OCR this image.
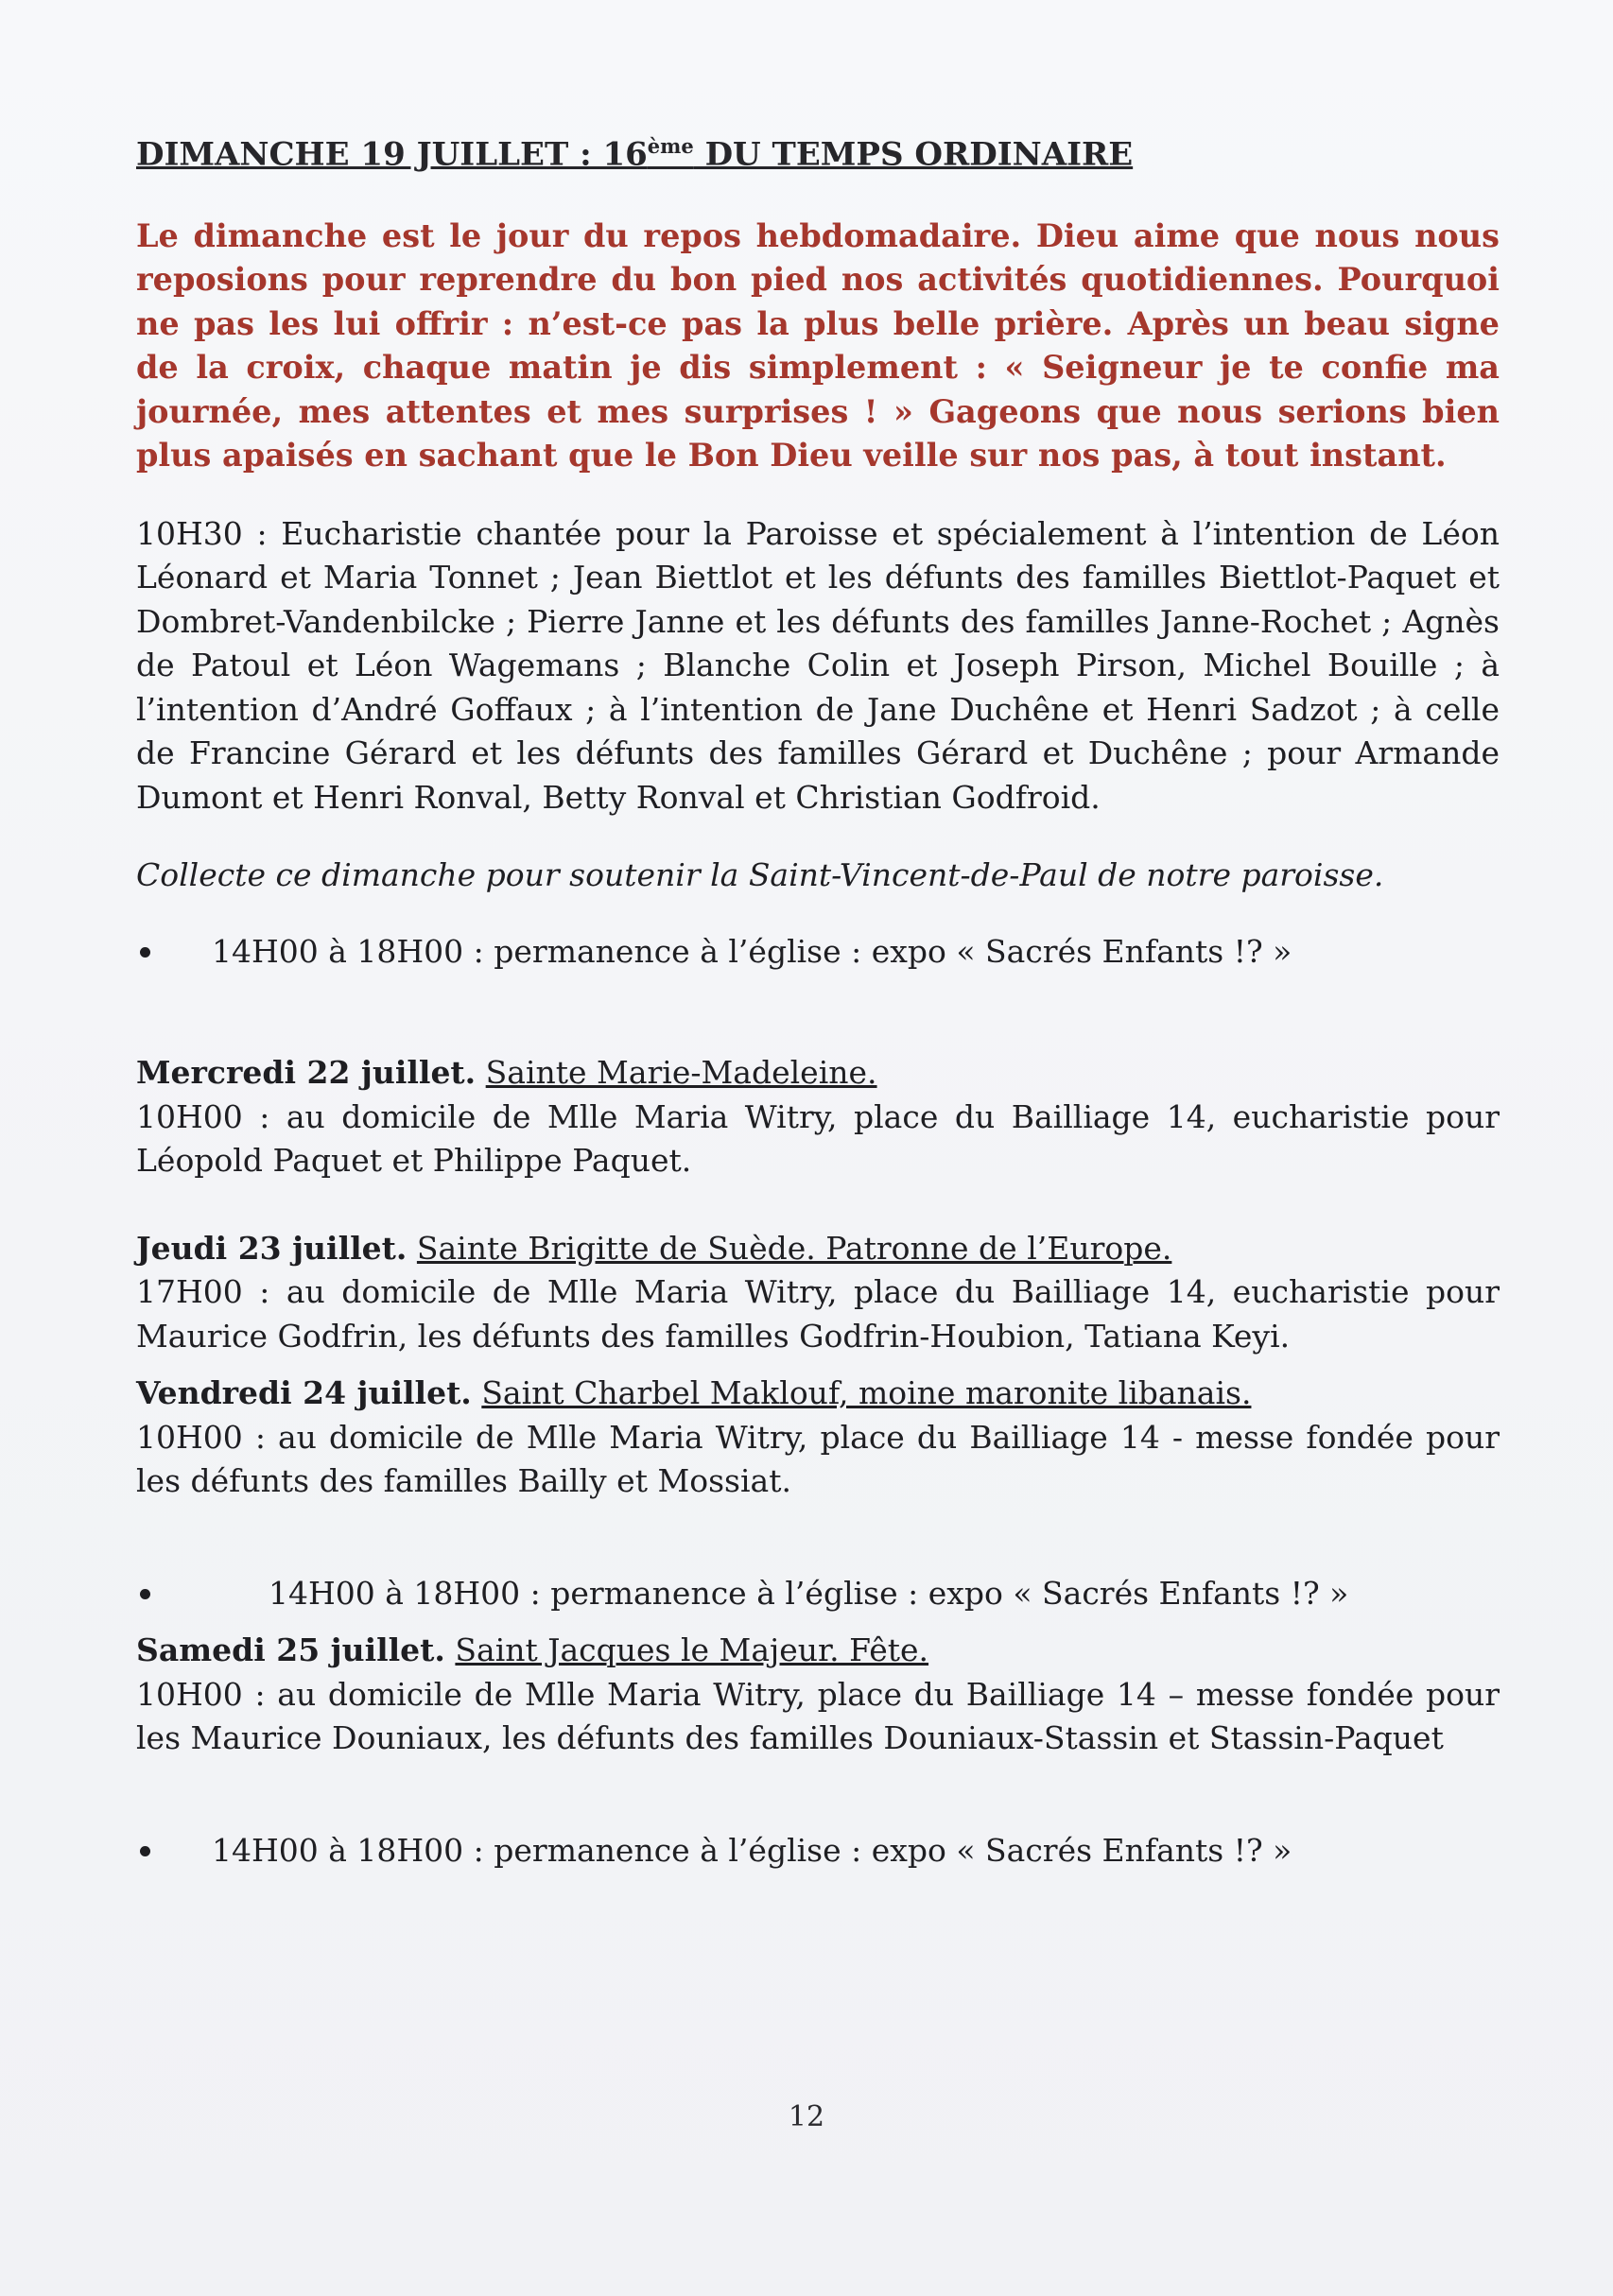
DIMANCHE 19 JUILLET : 16ème DU TEMPS ORDINAIRE

Le dimanche est le jour du repos hebdomadaire. Dieu aime que nous nous reposions pour reprendre du bon pied nos activités quotidiennes. Pourquoi ne pas les lui offrir : n’est-ce pas la plus belle prière. Après un beau signe de la croix, chaque matin je dis simplement : « Seigneur je te confie ma journée, mes attentes et mes surprises ! » Gageons que nous serions bien plus apaisés en sachant que le Bon Dieu veille sur nos pas, à tout instant.

10H30 : Eucharistie chantée pour la Paroisse et spécialement à l’intention de Léon Léonard et Maria Tonnet ; Jean Biettlot et les défunts des familles Biettlot-Paquet et Dombret-Vandenbilcke ; Pierre Janne et les défunts des familles Janne-Rochet ; Agnès de Patoul et Léon Wagemans ; Blanche Colin et Joseph Pirson, Michel Bouille ; à l’intention d’André Goffaux ; à l’intention de Jane Duchêne et Henri Sadzot ; à celle de Francine Gérard et les défunts des familles Gérard et Duchêne ; pour Armande Dumont et Henri Ronval, Betty Ronval et Christian Godfroid.

Collecte ce dimanche pour soutenir la Saint-Vincent-de-Paul de notre paroisse.

14H00 à 18H00 : permanence à l’église : expo « Sacrés Enfants !? »

Mercredi 22 juillet. Sainte Marie-Madeleine.

10H00 : au domicile de Mlle Maria Witry, place du Bailliage 14, eucharistie pour Léopold Paquet et Philippe Paquet.

Jeudi 23 juillet. Sainte Brigitte de Suède. Patronne de l’Europe.

17H00 : au domicile de Mlle Maria Witry, place du Bailliage 14, eucharistie pour Maurice Godfrin, les défunts des familles Godfrin-Houbion, Tatiana Keyi.

Vendredi 24 juillet. Saint Charbel Maklouf, moine maronite libanais.

10H00 : au domicile de Mlle Maria Witry, place du Bailliage 14 - messe fondée pour les défunts des familles Bailly et Mossiat.

14H00 à 18H00 : permanence à l’église : expo « Sacrés Enfants !? »

Samedi 25 juillet. Saint Jacques le Majeur. Fête.

10H00 : au domicile de Mlle Maria Witry, place du Bailliage 14 – messe fondée pour les Maurice Douniaux, les défunts des familles Douniaux-Stassin et Stassin-Paquet

14H00 à 18H00 : permanence à l’église : expo « Sacrés Enfants !? »
12
